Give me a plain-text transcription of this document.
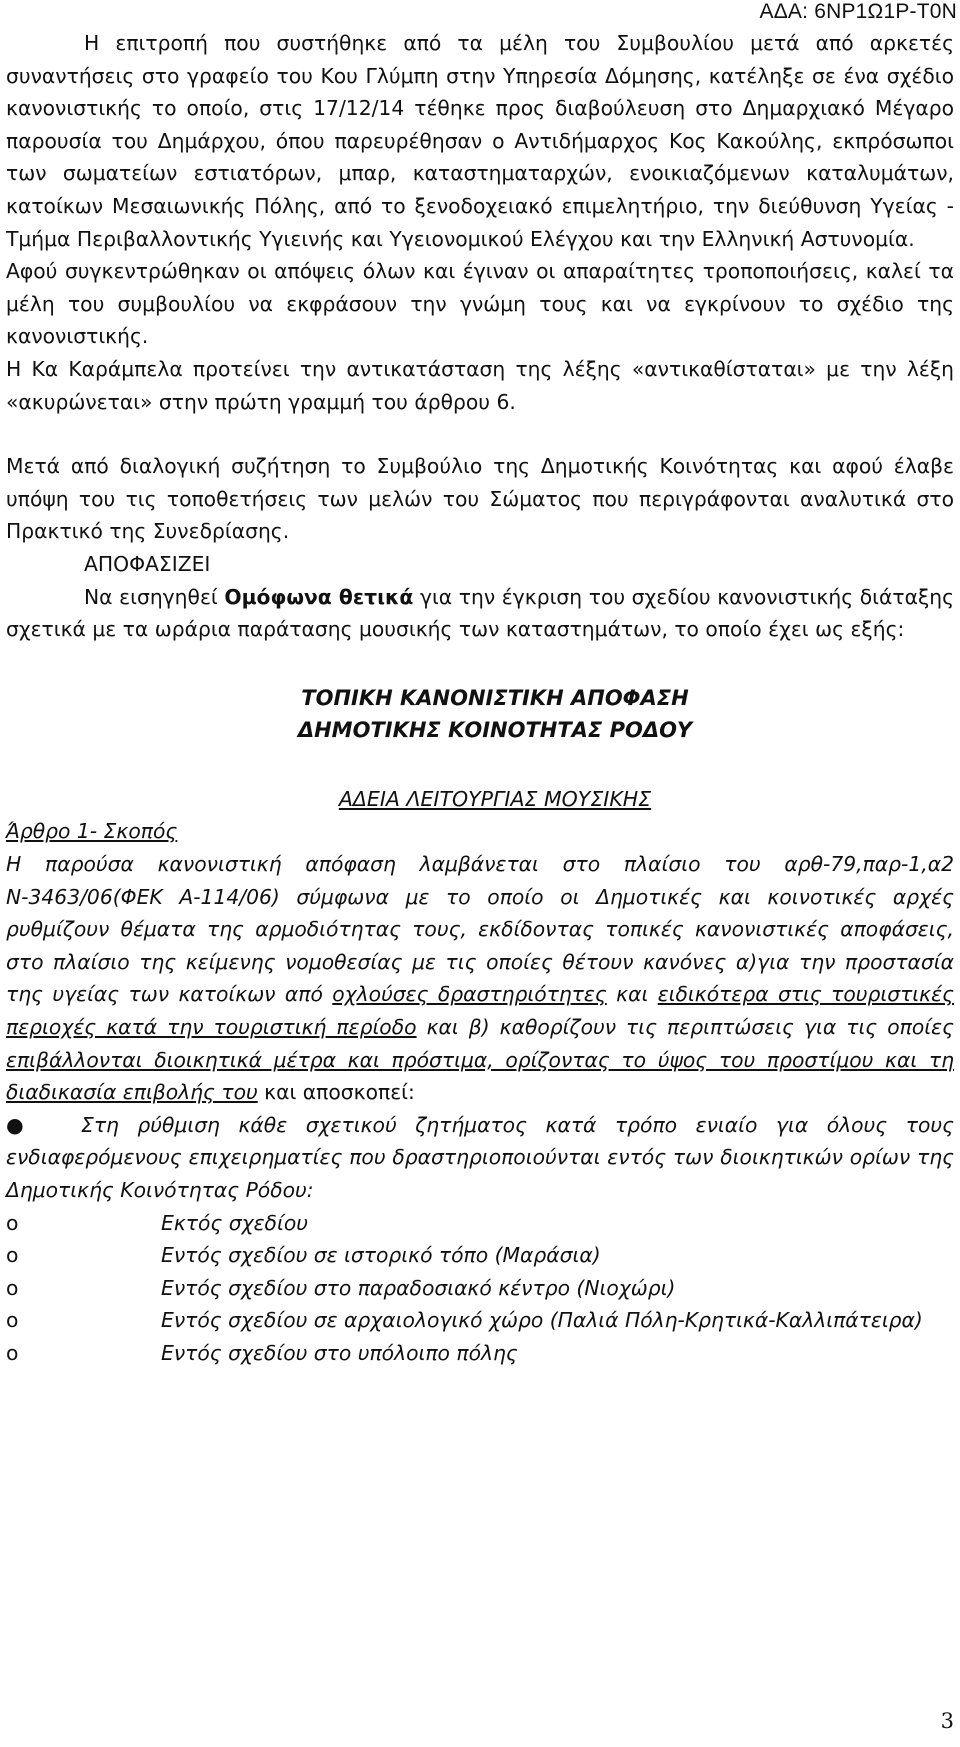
ΑΔΑ: 6ΝΡ1Ω1Ρ-Τ0Ν

Η επιτροπή που συστήθηκε από τα μέλη του Συμβουλίου μετά από αρκετές συναντήσεις στο γραφείο του Κου Γλύμπη στην Υπηρεσία Δόμησης, κατέληξε σε ένα σχέδιο κανονιστικής το οποίο, στις 17/12/14 τέθηκε προς διαβούλευση στο Δημαρχιακό Μέγαρο παρουσία του Δημάρχου, όπου παρευρέθησαν ο Αντιδήμαρχος Κος Κακούλης, εκπρόσωποι των σωματείων εστιατόρων, μπαρ, καταστηματαρχών, ενοικιαζόμενων καταλυμάτων, κατοίκων Μεσαιωνικής Πόλης, από το ξενοδοχειακό επιμελητήριο, την διεύθυνση Υγείας - Τμήμα Περιβαλλοντικής Υγιεινής και Υγειονομικού Ελέγχου και την Ελληνική Αστυνομία.

Αφού συγκεντρώθηκαν οι απόψεις όλων και έγιναν οι απαραίτητες τροποποιήσεις, καλεί τα μέλη του συμβουλίου να εκφράσουν την γνώμη τους και να εγκρίνουν το σχέδιο της κανονιστικής.

Η Κα Καράμπελα προτείνει την αντικατάσταση της λέξης «αντικαθίσταται» με την λέξη «ακυρώνεται» στην πρώτη γραμμή του άρθρου 6.

Μετά από διαλογική συζήτηση το Συμβούλιο της Δημοτικής Κοινότητας και αφού έλαβε υπόψη του τις τοποθετήσεις των μελών του Σώματος που περιγράφονται αναλυτικά στο Πρακτικό της Συνεδρίασης.

ΑΠΟΦΑΣΙΖΕΙ

Να εισηγηθεί Ομόφωνα θετικά για την έγκριση του σχεδίου κανονιστικής διάταξης σχετικά με τα ωράρια παράτασης μουσικής των καταστημάτων, το οποίο έχει ως εξής:

ΤΟΠΙΚΗ ΚΑΝΟΝΙΣΤΙΚΗ ΑΠΟΦΑΣΗ

ΔΗΜΟΤΙΚΗΣ ΚΟΙΝΟΤΗΤΑΣ ΡΟΔΟΥ

ΑΔΕΙΑ ΛΕΙΤΟΥΡΓΙΑΣ ΜΟΥΣΙΚΗΣ

Άρθρο 1- Σκοπός

Η παρούσα κανονιστική απόφαση λαμβάνεται στο πλαίσιο του αρθ-79,παρ-1,α2 Ν-3463/06(ΦΕΚ Α-114/06) σύμφωνα με το οποίο οι Δημοτικές και κοινοτικές αρχές ρυθμίζουν θέματα της αρμοδιότητας τους, εκδίδοντας τοπικές κανονιστικές αποφάσεις, στο πλαίσιο της κείμενης νομοθεσίας με τις οποίες θέτουν κανόνες α)για την προστασία της υγείας των κατοίκων από οχλούσες δραστηριότητες και ειδικότερα στις τουριστικές περιοχές κατά την τουριστική περίοδο και β) καθορίζουν τις περιπτώσεις για τις οποίες επιβάλλονται διοικητικά μέτρα και πρόστιμα, ορίζοντας το ύψος του προστίμου και τη διαδικασία επιβολής του και αποσκοπεί:

●	Στη ρύθμιση κάθε σχετικού ζητήματος κατά τρόπο ενιαίο για όλους τους ενδιαφερόμενους επιχειρηματίες που δραστηριοποιούνται εντός των διοικητικών ορίων της Δημοτικής Κοινότητας Ρόδου:

o	Εκτός σχεδίου

o	Εντός σχεδίου σε ιστορικό τόπο (Μαράσια)

o	Εντός σχεδίου στο παραδοσιακό κέντρο (Νιοχώρι)

o	Εντός σχεδίου σε αρχαιολογικό χώρο (Παλιά Πόλη-Κρητικά-Καλλιπάτειρα)

o	Εντός σχεδίου στο υπόλοιπο πόλης

3
